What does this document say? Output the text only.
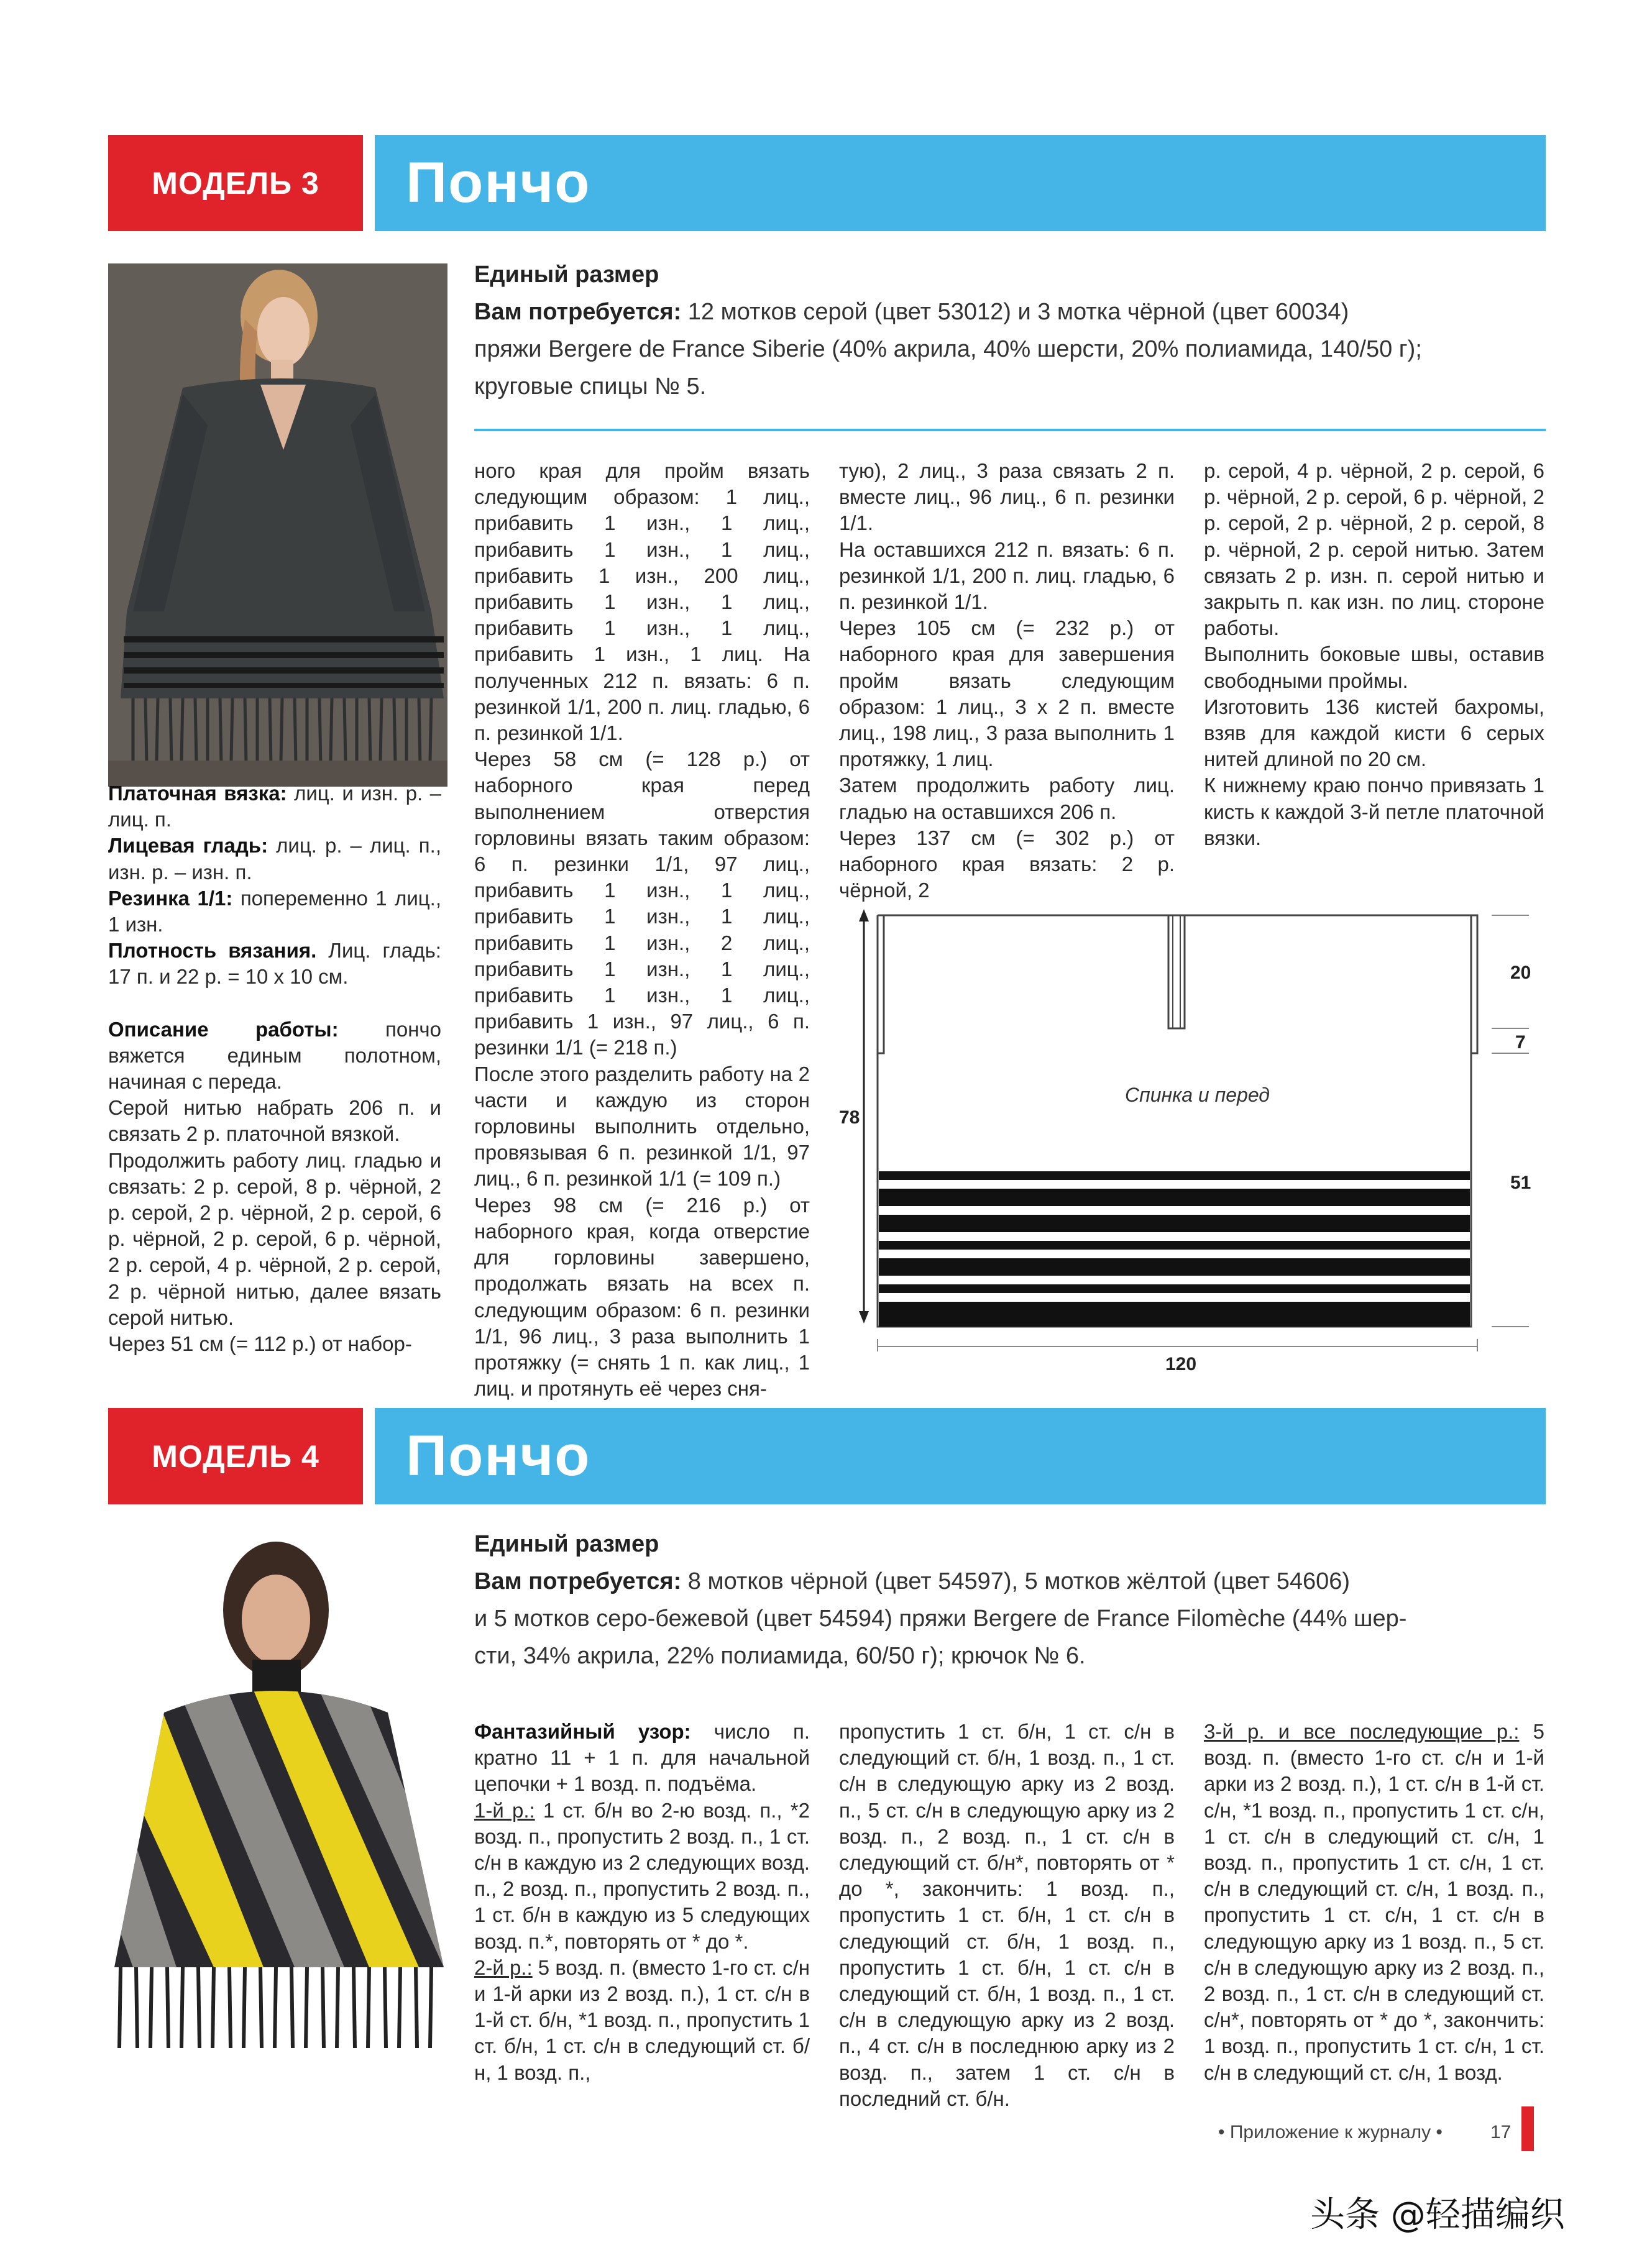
МОДЕЛЬ 3 Пончо
Единый размер
Вам потребуется: 12 мотков серой (цвет 53012) и 3 мотка чёрной (цвет 60034)
пряжи Bergere de France Siberie (40% акрила, 40% шерсти, 20% полиамида, 140/50 г);
круговые спицы № 5.

Платочная вязка: лиц. и изн. р. – лиц. п.

Лицевая гладь: лиц. р. – лиц. п., изн. р. – изн. п.

Резинка 1/1: попеременно 1 лиц., 1 изн.

Плотность вязания. Лиц. гладь: 17 п. и 22 р. = 10 х 10 см.

Описание работы: пончо вяжется единым полотном, начиная с переда.

Серой нитью набрать 206 п. и связать 2 р. платочной вязкой.

Продолжить работу лиц. гладью и связать: 2 р. серой, 8 р. чёрной, 2 р. серой, 2 р. чёрной, 2 р. серой, 6 р. чёрной, 2 р. серой, 6 р. чёрной, 2 р. серой, 4 р. чёрной, 2 р. серой, 2 р. чёрной нитью, далее вязать серой нитью.

Через 51 см (= 112 р.) от набор-

ного края для пройм вязать следующим образом: 1 лиц., прибавить 1 изн., 1 лиц., прибавить 1 изн., 1 лиц., прибавить 1 изн., 200 лиц., прибавить 1 изн., 1 лиц., прибавить 1 изн., 1 лиц., прибавить 1 изн., 1 лиц. На полученных 212 п. вязать: 6 п. резинкой 1/1, 200 п. лиц. гладью, 6 п. резинкой 1/1.

Через 58 см (= 128 р.) от наборного края перед выполнением отверстия горловины вязать таким образом: 6 п. резинки 1/1, 97 лиц., прибавить 1 изн., 1 лиц., прибавить 1 изн., 1 лиц., прибавить 1 изн., 2 лиц., прибавить 1 изн., 1 лиц., прибавить 1 изн., 1 лиц., прибавить 1 изн., 97 лиц., 6 п. резинки 1/1 (= 218 п.)

После этого разделить работу на 2 части и каждую из сторон горловины выполнить отдельно, провязывая 6 п. резинкой 1/1, 97 лиц., 6 п. резинкой 1/1 (= 109 п.)

Через 98 см (= 216 р.) от наборного края, когда отверстие для горловины завершено, продолжать вязать на всех п. следующим образом: 6 п. резинки 1/1, 96 лиц., 3 раза выполнить 1 протяжку (= снять 1 п. как лиц., 1 лиц. и протянуть её через сня-

тую), 2 лиц., 3 раза связать 2 п. вместе лиц., 96 лиц., 6 п. резинки 1/1.

На оставшихся 212 п. вязать: 6 п. резинкой 1/1, 200 п. лиц. гладью, 6 п. резинкой 1/1.

Через 105 см (= 232 р.) от наборного края для завершения пройм вязать следующим образом: 1 лиц., 3 х 2 п. вместе лиц., 198 лиц., 3 раза выполнить 1 протяжку, 1 лиц.

Затем продолжить работу лиц. гладью на оставшихся 206 п.

Через 137 см (= 302 р.) от наборного края вязать: 2 р. чёрной, 2

р. серой, 4 р. чёрной, 2 р. серой, 6 р. чёрной, 2 р. серой, 6 р. чёрной, 2 р. серой, 2 р. чёрной, 2 р. серой, 8 р. чёрной, 2 р. серой нитью. Затем связать 2 р. изн. п. серой нитью и закрыть п. как изн. по лиц. стороне работы.

Выполнить боковые швы, оставив свободными проймы.

Изготовить 136 кистей бахромы, взяв для каждой кисти 6 серых нитей длиной по 20 см.

К нижнему краю пончо привязать 1 кисть к каждой 3-й петле платочной вязки.

78
Спинка и перед
20
7
51
120
МОДЕЛЬ 4 Пончо
Единый размер
Вам потребуется: 8 мотков чёрной (цвет 54597), 5 мотков жёлтой (цвет 54606)
и 5 мотков серо-бежевой (цвет 54594) пряжи Bergere de France Filomèche (44% шер-
сти, 34% акрила, 22% полиамида, 60/50 г); крючок № 6.

Фантазийный узор: число п. кратно 11 + 1 п. для начальной цепочки + 1 возд. п. подъёма.

1-й р.: 1 ст. б/н во 2-ю возд. п., *2 возд. п., пропустить 2 возд. п., 1 ст. с/н в каждую из 2 следующих возд. п., 2 возд. п., пропустить 2 возд. п., 1 ст. б/н в каждую из 5 следующих возд. п.*, повторять от * до *.

2-й р.: 5 возд. п. (вместо 1-го ст. с/н и 1-й арки из 2 возд. п.), 1 ст. с/н в 1-й ст. б/н, *1 возд. п., пропустить 1 ст. б/н, 1 ст. с/н в следующий ст. б/н, 1 возд. п.,

пропустить 1 ст. б/н, 1 ст. с/н в следующий ст. б/н, 1 возд. п., 1 ст. с/н в следующую арку из 2 возд. п., 5 ст. с/н в следующую арку из 2 возд. п., 2 возд. п., 1 ст. с/н в следующий ст. б/н*, повторять от * до *, закончить: 1 возд. п., пропустить 1 ст. б/н, 1 ст. с/н в следующий ст. б/н, 1 возд. п., пропустить 1 ст. б/н, 1 ст. с/н в следующий ст. б/н, 1 возд. п., 1 ст. с/н в следующую арку из 2 возд. п., 4 ст. с/н в последнюю арку из 2 возд. п., затем 1 ст. с/н в последний ст. б/н.

3-й р. и все последующие р.: 5 возд. п. (вместо 1-го ст. с/н и 1-й арки из 2 возд. п.), 1 ст. с/н в 1-й ст. с/н, *1 возд. п., пропустить 1 ст. с/н, 1 ст. с/н в следующий ст. с/н, 1 возд. п., пропустить 1 ст. с/н, 1 ст. с/н в следующий ст. с/н, 1 возд. п., пропустить 1 ст. с/н, 1 ст. с/н в следующую арку из 1 возд. п., 5 ст. с/н в следующую арку из 2 возд. п., 2 возд. п., 1 ст. с/н в следующий ст. с/н*, повторять от * до *, закончить: 1 возд. п., пропустить 1 ст. с/н, 1 ст. с/н в следующий ст. с/н, 1 возд.

• Приложение к журналу •	17
头条 @轻描编织
